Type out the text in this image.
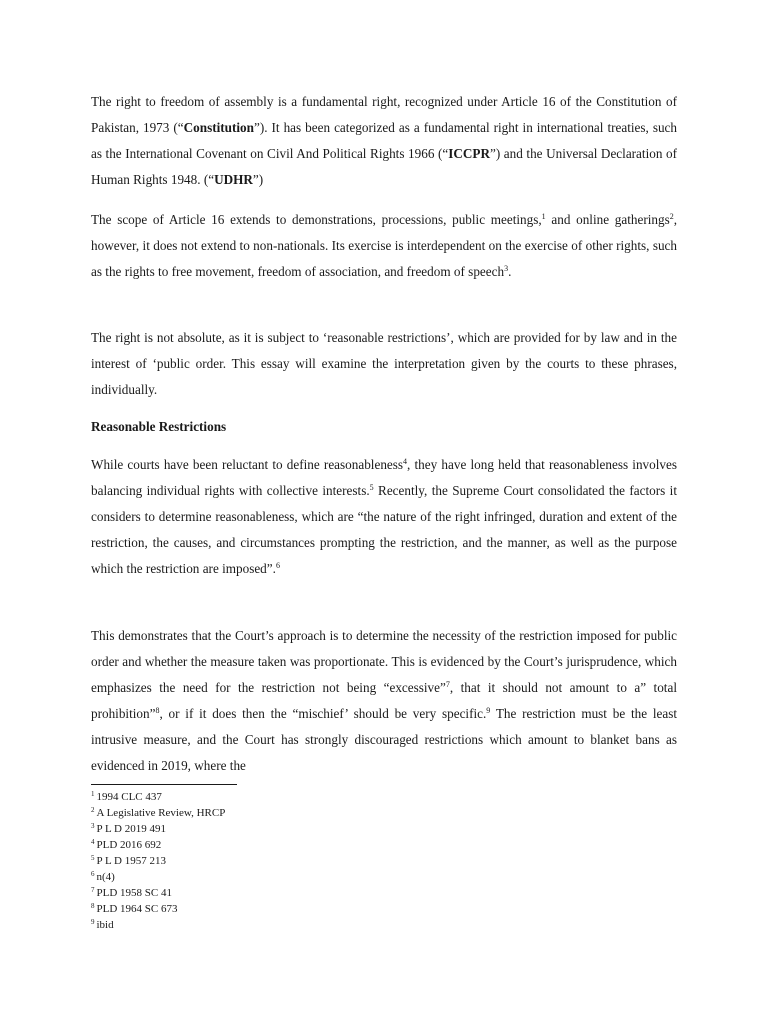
The right to freedom of assembly is a fundamental right, recognized under Article 16 of the Constitution of Pakistan, 1973 (“Constitution”). It has been categorized as a fundamental right in international treaties, such as the International Covenant on Civil And Political Rights 1966 (“ICCPR”) and the Universal Declaration of Human Rights 1948. (“UDHR”)

The scope of Article 16 extends to demonstrations, processions, public meetings,$^1$ and online gatherings$^2$, however, it does not extend to non-nationals. Its exercise is interdependent on the exercise of other rights, such as the rights to free movement, freedom of association, and freedom of speech$^3$.

The right is not absolute, as it is subject to ‘reasonable restrictions’, which are provided for by law and in the interest of ‘public order. This essay will examine the interpretation given by the courts to these phrases, individually.

Reasonable Restrictions

While courts have been reluctant to define reasonableness$^4$, they have long held that reasonableness involves balancing individual rights with collective interests.$^5$ Recently, the Supreme Court consolidated the factors it considers to determine reasonableness, which are “the nature of the right infringed, duration and extent of the restriction, the causes, and circumstances prompting the restriction, and the manner, as well as the purpose which the restriction are imposed”.$^6$

This demonstrates that the Court’s approach is to determine the necessity of the restriction imposed for public order and whether the measure taken was proportionate. This is evidenced by the Court’s jurisprudence, which emphasizes the need for the restriction not being “excessive”$^7$, that it should not amount to a” total prohibition”$^8$, or if it does then the “mischief’ should be very specific.$^9$ The restriction must be the least intrusive measure, and the Court has strongly discouraged restrictions which amount to blanket bans as evidenced in 2019, where the

$^1$ 1994 CLC 437
$^2$ A Legislative Review, HRCP
$^3$ P L D 2019 491
$^4$ PLD 2016 692
$^5$ P L D 1957 213
$^6$ n(4)
$^7$ PLD 1958 SC 41
$^8$ PLD 1964 SC 673
$^9$ ibid
